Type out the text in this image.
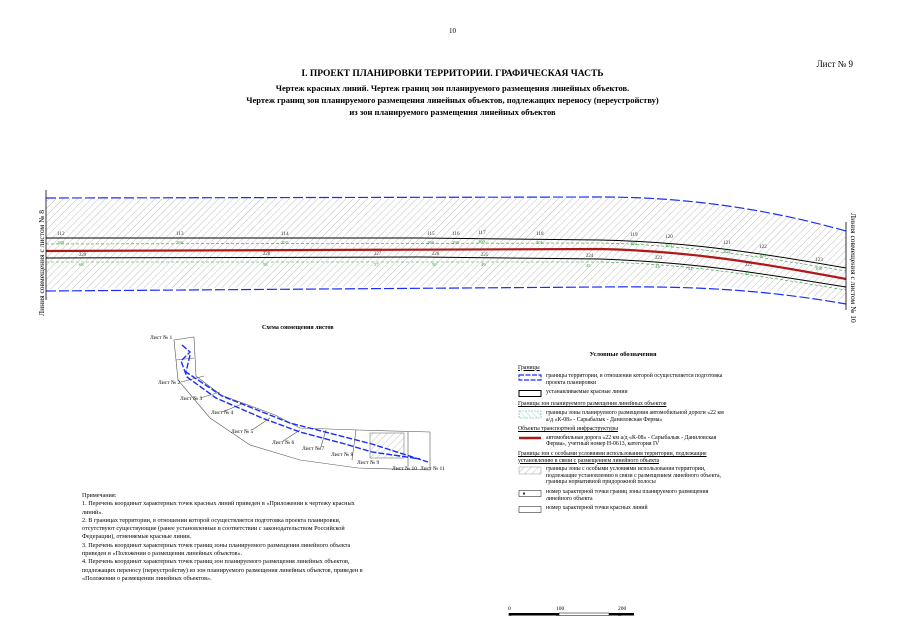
10
Лист № 9
I. ПРОЕКТ ПЛАНИРОВКИ ТЕРРИТОРИИ. ГРАФИЧЕСКАЯ ЧАСТЬ
Чертеж красных линий. Чертеж границ зон планируемого размещения линейных объектов.
Чертеж границ зон планируемого размещения линейных объектов, подлежащих переносу (переустройству)
из зон планируемого размещения линейных объектов
Линия совмещения с листом № 8	Линия совмещения с листом № 10
112	113	114	115	116	117	118	119	120
121
122
123
289	290	297	298	299	300	301	302	303
304
305
306
229	228	227	226	225	224	223
222
68	58	57	50	49	45	43	42
41
Схема совмещения листов
Лист № 1
Лист № 2
Лист № 3
Лист № 4
Лист № 5
Лист № 6
Лист № 7
Лист № 8
Лист № 9
Лист № 10 Лист № 11

Примечания:

1. Перечень координат характерных точек красных линий приведен в «Приложении к чертежу красных линий».

2. В границах территории, в отношении которой осуществляется подготовка проекта планировки, отсутствуют существующие (ранее установленные в соответствии с законодательством Российской Федерации), отменяемые красные линии.

3. Перечень координат характерных точек границ зоны планируемого размещения линейного объекта приведен в «Положении о размещении линейных объектов».

4. Перечень координат характерных точек границ зон планируемого размещения линейных объектов, подлежащих переносу (переустройству) из зон планируемого размещения линейных объектов, приведен в «Положении о размещении линейных объектов».

Условные обозначения
Границы
границы территории, в отношении которой осуществляется подготовка проекта планировки
устанавливаемые красные линии
Границы зон планируемого размещения линейных объектов
границы зоны планируемого размещения автомобильной дороги «22 км а/д «К-08» - Сарыбалык - Даниловская Ферма»
Объекты транспортной инфраструктуры
автомобильная дорога «22 км а/д «К-08» - Сарыбалык - Даниловская Ферма», учетный номер Н-0613, категория IV
Границы зон с особыми условиями использования территории, подлежащие установлению в связи с размещением линейного объекта
границы зоны с особыми условиями использования территории, подлежащие установлению в связи с размещением линейного объекта, границы нормативной придорожной полосы
номер характерной точки границ зоны планируемого размещения линейного объекта
номер характерной точки красных линий
0 м
100 м
200 м
